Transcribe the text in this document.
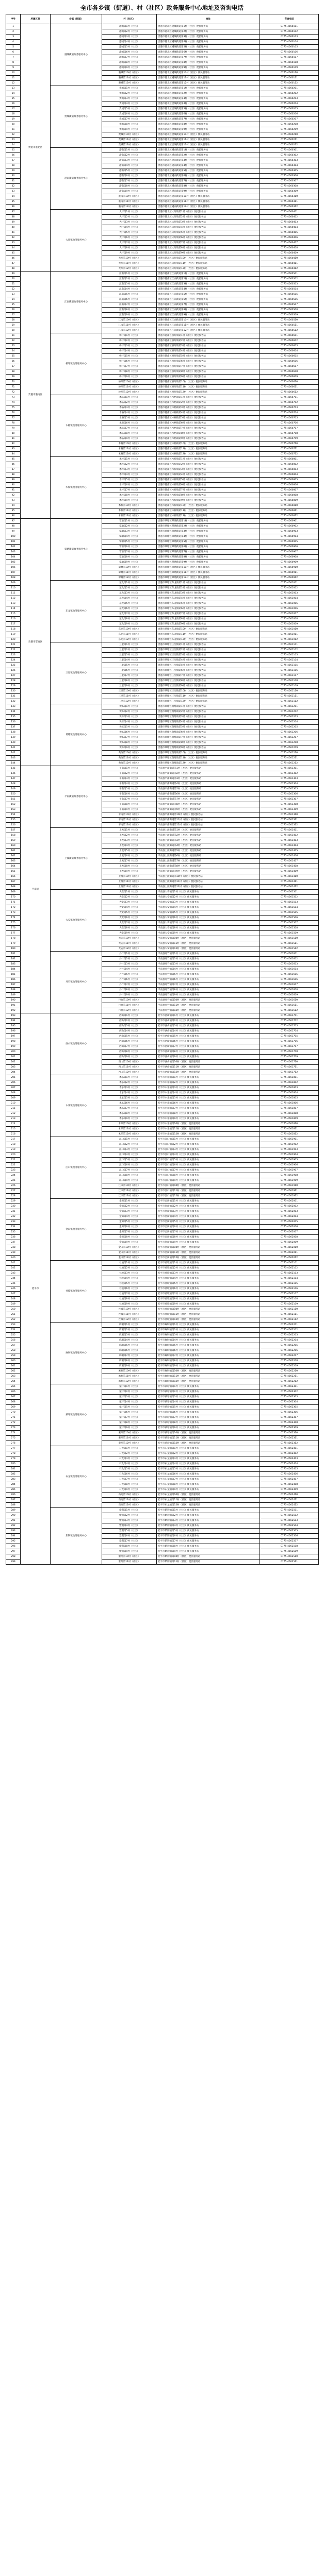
全市各乡镇（街道）、村（社区）政务服务中心地址及咨询电话
序号	所属区县	乡镇（街道）	村（社区）	地址	咨询电话
1	贵港市港北区	港城街道政务服务中心	港城第1村（社区）	贵港市港北区港城街道第1村（社区）便民服务站	0775-4560101
2			港城第2村（社区）	贵港市港北区港城街道第2村（社区）便民服务站	0775-4560102
3			港城第3村（社区）	贵港市港北区港城街道第3村（社区）便民服务站	0775-4560103
4			港城第4村（社区）	贵港市港北区港城街道第4村（社区）便民服务站	0775-4560104
5			港城第5村（社区）	贵港市港北区港城街道第5村（社区）便民服务站	0775-4560105
6			港城第6村（社区）	贵港市港北区港城街道第6村（社区）便民服务站	0775-4560106
7			港城第7村（社区）	贵港市港北区港城街道第7村（社区）便民服务站	0775-4560107
8			港城第8村（社区）	贵港市港北区港城街道第8村（社区）便民服务站	0775-4560108
9			港城第9村（社区）	贵港市港北区港城街道第9村（社区）便民服务站	0775-4560109
10			港城第10村（社区）	贵港市港北区港城街道第10村（社区）便民服务站	0775-4560110
11			港城第11村（社区）	贵港市港北区港城街道第11村（社区）便民服务站	0775-4560111
12			港城第12村（社区）	贵港市港北区港城街道第12村（社区）便民服务站	0775-4560112
13		贵城街道政务服务中心	贵城第1村（社区）	贵港市港北区贵城街道第1村（社区）便民服务站	0775-4560201
14			贵城第2村（社区）	贵港市港北区贵城街道第2村（社区）便民服务站	0775-4560202
15			贵城第3村（社区）	贵港市港北区贵城街道第3村（社区）便民服务站	0775-4560203
16			贵城第4村（社区）	贵港市港北区贵城街道第4村（社区）便民服务站	0775-4560204
17			贵城第5村（社区）	贵港市港北区贵城街道第5村（社区）便民服务站	0775-4560205
18			贵城第6村（社区）	贵港市港北区贵城街道第6村（社区）便民服务站	0775-4560206
19			贵城第7村（社区）	贵港市港北区贵城街道第7村（社区）便民服务站	0775-4560207
20			贵城第8村（社区）	贵港市港北区贵城街道第8村（社区）便民服务站	0775-4560208
21			贵城第9村（社区）	贵港市港北区贵城街道第9村（社区）便民服务站	0775-4560209
22			贵城第10村（社区）	贵港市港北区贵城街道第10村（社区）便民服务站	0775-4560210
23			贵城第11村（社区）	贵港市港北区贵城街道第11村（社区）便民服务站	0775-4560211
24			贵城第12村（社区）	贵港市港北区贵城街道第12村（社区）便民服务站	0775-4560212
25		港南街道政务服务中心	港南第1村（社区）	贵港市港北区港南街道第1村（社区）便民服务站	0775-4560301
26			港南第2村（社区）	贵港市港北区港南街道第2村（社区）便民服务站	0775-4560302
27			港南第3村（社区）	贵港市港北区港南街道第3村（社区）便民服务站	0775-4560303
28			港南第4村（社区）	贵港市港北区港南街道第4村（社区）便民服务站	0775-4560304
29			港南第5村（社区）	贵港市港北区港南街道第5村（社区）便民服务站	0775-4560305
30			港南第6村（社区）	贵港市港北区港南街道第6村（社区）便民服务站	0775-4560306
31			港南第7村（社区）	贵港市港北区港南街道第7村（社区）便民服务站	0775-4560307
32			港南第8村（社区）	贵港市港北区港南街道第8村（社区）便民服务站	0775-4560308
33			港南第9村（社区）	贵港市港北区港南街道第9村（社区）便民服务站	0775-4560309
34			港南第10村（社区）	贵港市港北区港南街道第10村（社区）便民服务站	0775-4560310
35			港南第11村（社区）	贵港市港北区港南街道第11村（社区）便民服务站	0775-4560311
36			港南第12村（社区）	贵港市港北区港南街道第12村（社区）便民服务站	0775-4560312
37		大圩镇政务服务中心	大圩第1村（社区）	贵港市港北区大圩镇第1村（社区）便民服务站	0775-4560401
38			大圩第2村（社区）	贵港市港北区大圩镇第2村（社区）便民服务站	0775-4560402
39			大圩第3村（社区）	贵港市港北区大圩镇第3村（社区）便民服务站	0775-4560403
40			大圩第4村（社区）	贵港市港北区大圩镇第4村（社区）便民服务站	0775-4560404
41			大圩第5村（社区）	贵港市港北区大圩镇第5村（社区）便民服务站	0775-4560405
42			大圩第6村（社区）	贵港市港北区大圩镇第6村（社区）便民服务站	0775-4560406
43			大圩第7村（社区）	贵港市港北区大圩镇第7村（社区）便民服务站	0775-4560407
44			大圩第8村（社区）	贵港市港北区大圩镇第8村（社区）便民服务站	0775-4560408
45			大圩第9村（社区）	贵港市港北区大圩镇第9村（社区）便民服务站	0775-4560409
46			大圩第10村（社区）	贵港市港北区大圩镇第10村（社区）便民服务站	0775-4560410
47			大圩第11村（社区）	贵港市港北区大圩镇第11村（社区）便民服务站	0775-4560411
48			大圩第12村（社区）	贵港市港北区大圩镇第12村（社区）便民服务站	0775-4560412
49	贵港市港南区	江南街道政务服务中心	江南第1村（社区）	贵港市港南区江南街道第1村（社区）便民服务站	0775-4560501
50			江南第2村（社区）	贵港市港南区江南街道第2村（社区）便民服务站	0775-4560502
51			江南第3村（社区）	贵港市港南区江南街道第3村（社区）便民服务站	0775-4560503
52			江南第4村（社区）	贵港市港南区江南街道第4村（社区）便民服务站	0775-4560504
53			江南第5村（社区）	贵港市港南区江南街道第5村（社区）便民服务站	0775-4560505
54			江南第6村（社区）	贵港市港南区江南街道第6村（社区）便民服务站	0775-4560506
55			江南第7村（社区）	贵港市港南区江南街道第7村（社区）便民服务站	0775-4560507
56			江南第8村（社区）	贵港市港南区江南街道第8村（社区）便民服务站	0775-4560508
57			江南第9村（社区）	贵港市港南区江南街道第9村（社区）便民服务站	0775-4560509
58			江南第10村（社区）	贵港市港南区江南街道第10村（社区）便民服务站	0775-4560510
59			江南第11村（社区）	贵港市港南区江南街道第11村（社区）便民服务站	0775-4560511
60			江南第12村（社区）	贵港市港南区江南街道第12村（社区）便民服务站	0775-4560512
61		桥圩镇政务服务中心	桥圩第1村（社区）	贵港市港南区桥圩镇第1村（社区）便民服务站	0775-4560601
62			桥圩第2村（社区）	贵港市港南区桥圩镇第2村（社区）便民服务站	0775-4560602
63			桥圩第3村（社区）	贵港市港南区桥圩镇第3村（社区）便民服务站	0775-4560603
64			桥圩第4村（社区）	贵港市港南区桥圩镇第4村（社区）便民服务站	0775-4560604
65			桥圩第5村（社区）	贵港市港南区桥圩镇第5村（社区）便民服务站	0775-4560605
66			桥圩第6村（社区）	贵港市港南区桥圩镇第6村（社区）便民服务站	0775-4560606
67			桥圩第7村（社区）	贵港市港南区桥圩镇第7村（社区）便民服务站	0775-4560607
68			桥圩第8村（社区）	贵港市港南区桥圩镇第8村（社区）便民服务站	0775-4560608
69			桥圩第9村（社区）	贵港市港南区桥圩镇第9村（社区）便民服务站	0775-4560609
70			桥圩第10村（社区）	贵港市港南区桥圩镇第10村（社区）便民服务站	0775-4560610
71			桥圩第11村（社区）	贵港市港南区桥圩镇第11村（社区）便民服务站	0775-4560611
72			桥圩第12村（社区）	贵港市港南区桥圩镇第12村（社区）便民服务站	0775-4560612
73		木格镇政务服务中心	木格第1村（社区）	贵港市港南区木格镇第1村（社区）便民服务站	0775-4560701
74			木格第2村（社区）	贵港市港南区木格镇第2村（社区）便民服务站	0775-4560702
75			木格第3村（社区）	贵港市港南区木格镇第3村（社区）便民服务站	0775-4560703
76			木格第4村（社区）	贵港市港南区木格镇第4村（社区）便民服务站	0775-4560704
77			木格第5村（社区）	贵港市港南区木格镇第5村（社区）便民服务站	0775-4560705
78			木格第6村（社区）	贵港市港南区木格镇第6村（社区）便民服务站	0775-4560706
79			木格第7村（社区）	贵港市港南区木格镇第7村（社区）便民服务站	0775-4560707
80			木格第8村（社区）	贵港市港南区木格镇第8村（社区）便民服务站	0775-4560708
81			木格第9村（社区）	贵港市港南区木格镇第9村（社区）便民服务站	0775-4560709
82			木格第10村（社区）	贵港市港南区木格镇第10村（社区）便民服务站	0775-4560710
83			木格第11村（社区）	贵港市港南区木格镇第11村（社区）便民服务站	0775-4560711
84			木格第12村（社区）	贵港市港南区木格镇第12村（社区）便民服务站	0775-4560712
85		木梓镇政务服务中心	木梓第1村（社区）	贵港市港南区木梓镇第1村（社区）便民服务站	0775-4560801
86			木梓第2村（社区）	贵港市港南区木梓镇第2村（社区）便民服务站	0775-4560802
87			木梓第3村（社区）	贵港市港南区木梓镇第3村（社区）便民服务站	0775-4560803
88			木梓第4村（社区）	贵港市港南区木梓镇第4村（社区）便民服务站	0775-4560804
89			木梓第5村（社区）	贵港市港南区木梓镇第5村（社区）便民服务站	0775-4560805
90			木梓第6村（社区）	贵港市港南区木梓镇第6村（社区）便民服务站	0775-4560806
91			木梓第7村（社区）	贵港市港南区木梓镇第7村（社区）便民服务站	0775-4560807
92			木梓第8村（社区）	贵港市港南区木梓镇第8村（社区）便民服务站	0775-4560808
93			木梓第9村（社区）	贵港市港南区木梓镇第9村（社区）便民服务站	0775-4560809
94			木梓第10村（社区）	贵港市港南区木梓镇第10村（社区）便民服务站	0775-4560810
95			木梓第11村（社区）	贵港市港南区木梓镇第11村（社区）便民服务站	0775-4560811
96			木梓第12村（社区）	贵港市港南区木梓镇第12村（社区）便民服务站	0775-4560812
97	贵港市覃塘区	覃塘街道政务服务中心	覃塘第1村（社区）	贵港市覃塘区覃塘街道第1村（社区）便民服务站	0775-4560901
98			覃塘第2村（社区）	贵港市覃塘区覃塘街道第2村（社区）便民服务站	0775-4560902
99			覃塘第3村（社区）	贵港市覃塘区覃塘街道第3村（社区）便民服务站	0775-4560903
100			覃塘第4村（社区）	贵港市覃塘区覃塘街道第4村（社区）便民服务站	0775-4560904
101			覃塘第5村（社区）	贵港市覃塘区覃塘街道第5村（社区）便民服务站	0775-4560905
102			覃塘第6村（社区）	贵港市覃塘区覃塘街道第6村（社区）便民服务站	0775-4560906
103			覃塘第7村（社区）	贵港市覃塘区覃塘街道第7村（社区）便民服务站	0775-4560907
104			覃塘第8村（社区）	贵港市覃塘区覃塘街道第8村（社区）便民服务站	0775-4560908
105			覃塘第9村（社区）	贵港市覃塘区覃塘街道第9村（社区）便民服务站	0775-4560909
106			覃塘第10村（社区）	贵港市覃塘区覃塘街道第10村（社区）便民服务站	0775-4560910
107			覃塘第11村（社区）	贵港市覃塘区覃塘街道第11村（社区）便民服务站	0775-4560911
108			覃塘第12村（社区）	贵港市覃塘区覃塘街道第12村（社区）便民服务站	0775-4560912
109		东龙镇政务服务中心	东龙第1村（社区）	贵港市覃塘区东龙镇第1村（社区）便民服务站	0775-4561001
110			东龙第2村（社区）	贵港市覃塘区东龙镇第2村（社区）便民服务站	0775-4561002
111			东龙第3村（社区）	贵港市覃塘区东龙镇第3村（社区）便民服务站	0775-4561003
112			东龙第4村（社区）	贵港市覃塘区东龙镇第4村（社区）便民服务站	0775-4561004
113			东龙第5村（社区）	贵港市覃塘区东龙镇第5村（社区）便民服务站	0775-4561005
114			东龙第6村（社区）	贵港市覃塘区东龙镇第6村（社区）便民服务站	0775-4561006
115			东龙第7村（社区）	贵港市覃塘区东龙镇第7村（社区）便民服务站	0775-4561007
116			东龙第8村（社区）	贵港市覃塘区东龙镇第8村（社区）便民服务站	0775-4561008
117			东龙第9村（社区）	贵港市覃塘区东龙镇第9村（社区）便民服务站	0775-4561009
118			东龙第10村（社区）	贵港市覃塘区东龙镇第10村（社区）便民服务站	0775-4561010
119			东龙第11村（社区）	贵港市覃塘区东龙镇第11村（社区）便民服务站	0775-4561011
120			东龙第12村（社区）	贵港市覃塘区东龙镇第12村（社区）便民服务站	0775-4561012
121		三里镇政务服务中心	三里第1村（社区）	贵港市覃塘区三里镇第1村（社区）便民服务站	0775-4561101
122			三里第2村（社区）	贵港市覃塘区三里镇第2村（社区）便民服务站	0775-4561102
123			三里第3村（社区）	贵港市覃塘区三里镇第3村（社区）便民服务站	0775-4561103
124			三里第4村（社区）	贵港市覃塘区三里镇第4村（社区）便民服务站	0775-4561104
125			三里第5村（社区）	贵港市覃塘区三里镇第5村（社区）便民服务站	0775-4561105
126			三里第6村（社区）	贵港市覃塘区三里镇第6村（社区）便民服务站	0775-4561106
127			三里第7村（社区）	贵港市覃塘区三里镇第7村（社区）便民服务站	0775-4561107
128			三里第8村（社区）	贵港市覃塘区三里镇第8村（社区）便民服务站	0775-4561108
129			三里第9村（社区）	贵港市覃塘区三里镇第9村（社区）便民服务站	0775-4561109
130			三里第10村（社区）	贵港市覃塘区三里镇第10村（社区）便民服务站	0775-4561110
131			三里第11村（社区）	贵港市覃塘区三里镇第11村（社区）便民服务站	0775-4561111
132			三里第12村（社区）	贵港市覃塘区三里镇第12村（社区）便民服务站	0775-4561112
133		黄练镇政务服务中心	黄练第1村（社区）	贵港市覃塘区黄练镇第1村（社区）便民服务站	0775-4561201
134			黄练第2村（社区）	贵港市覃塘区黄练镇第2村（社区）便民服务站	0775-4561202
135			黄练第3村（社区）	贵港市覃塘区黄练镇第3村（社区）便民服务站	0775-4561203
136			黄练第4村（社区）	贵港市覃塘区黄练镇第4村（社区）便民服务站	0775-4561204
137			黄练第5村（社区）	贵港市覃塘区黄练镇第5村（社区）便民服务站	0775-4561205
138			黄练第6村（社区）	贵港市覃塘区黄练镇第6村（社区）便民服务站	0775-4561206
139			黄练第7村（社区）	贵港市覃塘区黄练镇第7村（社区）便民服务站	0775-4561207
140			黄练第8村（社区）	贵港市覃塘区黄练镇第8村（社区）便民服务站	0775-4561208
141			黄练第9村（社区）	贵港市覃塘区黄练镇第9村（社区）便民服务站	0775-4561209
142			黄练第10村（社区）	贵港市覃塘区黄练镇第10村（社区）便民服务站	0775-4561210
143			黄练第11村（社区）	贵港市覃塘区黄练镇第11村（社区）便民服务站	0775-4561211
144			黄练第12村（社区）	贵港市覃塘区黄练镇第12村（社区）便民服务站	0775-4561212
145	平南县	平南街道政务服务中心	平南第1村（社区）	平南县平南街道第1村（社区）便民服务站	0775-4561301
146			平南第2村（社区）	平南县平南街道第2村（社区）便民服务站	0775-4561302
147			平南第3村（社区）	平南县平南街道第3村（社区）便民服务站	0775-4561303
148			平南第4村（社区）	平南县平南街道第4村（社区）便民服务站	0775-4561304
149			平南第5村（社区）	平南县平南街道第5村（社区）便民服务站	0775-4561305
150			平南第6村（社区）	平南县平南街道第6村（社区）便民服务站	0775-4561306
151			平南第7村（社区）	平南县平南街道第7村（社区）便民服务站	0775-4561307
152			平南第8村（社区）	平南县平南街道第8村（社区）便民服务站	0775-4561308
153			平南第9村（社区）	平南县平南街道第9村（社区）便民服务站	0775-4561309
154			平南第10村（社区）	平南县平南街道第10村（社区）便民服务站	0775-4561310
155			平南第11村（社区）	平南县平南街道第11村（社区）便民服务站	0775-4561311
156			平南第12村（社区）	平南县平南街道第12村（社区）便民服务站	0775-4561312
157		上渡街道政务服务中心	上渡第1村（社区）	平南县上渡街道第1村（社区）便民服务站	0775-4561401
158			上渡第2村（社区）	平南县上渡街道第2村（社区）便民服务站	0775-4561402
159			上渡第3村（社区）	平南县上渡街道第3村（社区）便民服务站	0775-4561403
160			上渡第4村（社区）	平南县上渡街道第4村（社区）便民服务站	0775-4561404
161			上渡第5村（社区）	平南县上渡街道第5村（社区）便民服务站	0775-4561405
162			上渡第6村（社区）	平南县上渡街道第6村（社区）便民服务站	0775-4561406
163			上渡第7村（社区）	平南县上渡街道第7村（社区）便民服务站	0775-4561407
164			上渡第8村（社区）	平南县上渡街道第8村（社区）便民服务站	0775-4561408
165			上渡第9村（社区）	平南县上渡街道第9村（社区）便民服务站	0775-4561409
166			上渡第10村（社区）	平南县上渡街道第10村（社区）便民服务站	0775-4561410
167			上渡第11村（社区）	平南县上渡街道第11村（社区）便民服务站	0775-4561411
168			上渡第12村（社区）	平南县上渡街道第12村（社区）便民服务站	0775-4561412
169		大安镇政务服务中心	大安第1村（社区）	平南县大安镇第1村（社区）便民服务站	0775-4561501
170			大安第2村（社区）	平南县大安镇第2村（社区）便民服务站	0775-4561502
171			大安第3村（社区）	平南县大安镇第3村（社区）便民服务站	0775-4561503
172			大安第4村（社区）	平南县大安镇第4村（社区）便民服务站	0775-4561504
173			大安第5村（社区）	平南县大安镇第5村（社区）便民服务站	0775-4561505
174			大安第6村（社区）	平南县大安镇第6村（社区）便民服务站	0775-4561506
175			大安第7村（社区）	平南县大安镇第7村（社区）便民服务站	0775-4561507
176			大安第8村（社区）	平南县大安镇第8村（社区）便民服务站	0775-4561508
177			大安第9村（社区）	平南县大安镇第9村（社区）便民服务站	0775-4561509
178			大安第10村（社区）	平南县大安镇第10村（社区）便民服务站	0775-4561510
179			大安第11村（社区）	平南县大安镇第11村（社区）便民服务站	0775-4561511
180			大安第12村（社区）	平南县大安镇第12村（社区）便民服务站	0775-4561512
181		丹竹镇政务服务中心	丹竹第1村（社区）	平南县丹竹镇第1村（社区）便民服务站	0775-4561601
182			丹竹第2村（社区）	平南县丹竹镇第2村（社区）便民服务站	0775-4561602
183			丹竹第3村（社区）	平南县丹竹镇第3村（社区）便民服务站	0775-4561603
184			丹竹第4村（社区）	平南县丹竹镇第4村（社区）便民服务站	0775-4561604
185			丹竹第5村（社区）	平南县丹竹镇第5村（社区）便民服务站	0775-4561605
186			丹竹第6村（社区）	平南县丹竹镇第6村（社区）便民服务站	0775-4561606
187			丹竹第7村（社区）	平南县丹竹镇第7村（社区）便民服务站	0775-4561607
188			丹竹第8村（社区）	平南县丹竹镇第8村（社区）便民服务站	0775-4561608
189			丹竹第9村（社区）	平南县丹竹镇第9村（社区）便民服务站	0775-4561609
190			丹竹第10村（社区）	平南县丹竹镇第10村（社区）便民服务站	0775-4561610
191			丹竹第11村（社区）	平南县丹竹镇第11村（社区）便民服务站	0775-4561611
192			丹竹第12村（社区）	平南县丹竹镇第12村（社区）便民服务站	0775-4561612
193	桂平市	西山镇政务服务中心	西山第1村（社区）	桂平市西山镇第1村（社区）便民服务站	0775-4561701
194			西山第2村（社区）	桂平市西山镇第2村（社区）便民服务站	0775-4561702
195			西山第3村（社区）	桂平市西山镇第3村（社区）便民服务站	0775-4561703
196			西山第4村（社区）	桂平市西山镇第4村（社区）便民服务站	0775-4561704
197			西山第5村（社区）	桂平市西山镇第5村（社区）便民服务站	0775-4561705
198			西山第6村（社区）	桂平市西山镇第6村（社区）便民服务站	0775-4561706
199			西山第7村（社区）	桂平市西山镇第7村（社区）便民服务站	0775-4561707
200			西山第8村（社区）	桂平市西山镇第8村（社区）便民服务站	0775-4561708
201			西山第9村（社区）	桂平市西山镇第9村（社区）便民服务站	0775-4561709
202			西山第10村（社区）	桂平市西山镇第10村（社区）便民服务站	0775-4561710
203			西山第11村（社区）	桂平市西山镇第11村（社区）便民服务站	0775-4561711
204			西山第12村（社区）	桂平市西山镇第12村（社区）便民服务站	0775-4561712
205		木乐镇政务服务中心	木乐第1村（社区）	桂平市木乐镇第1村（社区）便民服务站	0775-4561801
206			木乐第2村（社区）	桂平市木乐镇第2村（社区）便民服务站	0775-4561802
207			木乐第3村（社区）	桂平市木乐镇第3村（社区）便民服务站	0775-4561803
208			木乐第4村（社区）	桂平市木乐镇第4村（社区）便民服务站	0775-4561804
209			木乐第5村（社区）	桂平市木乐镇第5村（社区）便民服务站	0775-4561805
210			木乐第6村（社区）	桂平市木乐镇第6村（社区）便民服务站	0775-4561806
211			木乐第7村（社区）	桂平市木乐镇第7村（社区）便民服务站	0775-4561807
212			木乐第8村（社区）	桂平市木乐镇第8村（社区）便民服务站	0775-4561808
213			木乐第9村（社区）	桂平市木乐镇第9村（社区）便民服务站	0775-4561809
214			木乐第10村（社区）	桂平市木乐镇第10村（社区）便民服务站	0775-4561810
215			木乐第11村（社区）	桂平市木乐镇第11村（社区）便民服务站	0775-4561811
216			木乐第12村（社区）	桂平市木乐镇第12村（社区）便民服务站	0775-4561812
217		江口镇政务服务中心	江口第1村（社区）	桂平市江口镇第1村（社区）便民服务站	0775-4561901
218			江口第2村（社区）	桂平市江口镇第2村（社区）便民服务站	0775-4561902
219			江口第3村（社区）	桂平市江口镇第3村（社区）便民服务站	0775-4561903
220			江口第4村（社区）	桂平市江口镇第4村（社区）便民服务站	0775-4561904
221			江口第5村（社区）	桂平市江口镇第5村（社区）便民服务站	0775-4561905
222			江口第6村（社区）	桂平市江口镇第6村（社区）便民服务站	0775-4561906
223			江口第7村（社区）	桂平市江口镇第7村（社区）便民服务站	0775-4561907
224			江口第8村（社区）	桂平市江口镇第8村（社区）便民服务站	0775-4561908
225			江口第9村（社区）	桂平市江口镇第9村（社区）便民服务站	0775-4561909
226			江口第10村（社区）	桂平市江口镇第10村（社区）便民服务站	0775-4561910
227			江口第11村（社区）	桂平市江口镇第11村（社区）便民服务站	0775-4561911
228			江口第12村（社区）	桂平市江口镇第12村（社区）便民服务站	0775-4561912
229		金田镇政务服务中心	金田第1村（社区）	桂平市金田镇第1村（社区）便民服务站	0775-4562001
230			金田第2村（社区）	桂平市金田镇第2村（社区）便民服务站	0775-4562002
231			金田第3村（社区）	桂平市金田镇第3村（社区）便民服务站	0775-4562003
232			金田第4村（社区）	桂平市金田镇第4村（社区）便民服务站	0775-4562004
233			金田第5村（社区）	桂平市金田镇第5村（社区）便民服务站	0775-4562005
234			金田第6村（社区）	桂平市金田镇第6村（社区）便民服务站	0775-4562006
235			金田第7村（社区）	桂平市金田镇第7村（社区）便民服务站	0775-4562007
236			金田第8村（社区）	桂平市金田镇第8村（社区）便民服务站	0775-4562008
237			金田第9村（社区）	桂平市金田镇第9村（社区）便民服务站	0775-4562009
238			金田第10村（社区）	桂平市金田镇第10村（社区）便民服务站	0775-4562010
239			金田第11村（社区）	桂平市金田镇第11村（社区）便民服务站	0775-4562011
240			金田第12村（社区）	桂平市金田镇第12村（社区）便民服务站	0775-4562012
241		社坡镇政务服务中心	社坡第1村（社区）	桂平市社坡镇第1村（社区）便民服务站	0775-4562101
242			社坡第2村（社区）	桂平市社坡镇第2村（社区）便民服务站	0775-4562102
243			社坡第3村（社区）	桂平市社坡镇第3村（社区）便民服务站	0775-4562103
244			社坡第4村（社区）	桂平市社坡镇第4村（社区）便民服务站	0775-4562104
245			社坡第5村（社区）	桂平市社坡镇第5村（社区）便民服务站	0775-4562105
246			社坡第6村（社区）	桂平市社坡镇第6村（社区）便民服务站	0775-4562106
247			社坡第7村（社区）	桂平市社坡镇第7村（社区）便民服务站	0775-4562107
248			社坡第8村（社区）	桂平市社坡镇第8村（社区）便民服务站	0775-4562108
249			社坡第9村（社区）	桂平市社坡镇第9村（社区）便民服务站	0775-4562109
250			社坡第10村（社区）	桂平市社坡镇第10村（社区）便民服务站	0775-4562110
251			社坡第11村（社区）	桂平市社坡镇第11村（社区）便民服务站	0775-4562111
252			社坡第12村（社区）	桂平市社坡镇第12村（社区）便民服务站	0775-4562112
253		麻垌镇政务服务中心	麻垌第1村（社区）	桂平市麻垌镇第1村（社区）便民服务站	0775-4562201
254			麻垌第2村（社区）	桂平市麻垌镇第2村（社区）便民服务站	0775-4562202
255			麻垌第3村（社区）	桂平市麻垌镇第3村（社区）便民服务站	0775-4562203
256			麻垌第4村（社区）	桂平市麻垌镇第4村（社区）便民服务站	0775-4562204
257			麻垌第5村（社区）	桂平市麻垌镇第5村（社区）便民服务站	0775-4562205
258			麻垌第6村（社区）	桂平市麻垌镇第6村（社区）便民服务站	0775-4562206
259			麻垌第7村（社区）	桂平市麻垌镇第7村（社区）便民服务站	0775-4562207
260			麻垌第8村（社区）	桂平市麻垌镇第8村（社区）便民服务站	0775-4562208
261			麻垌第9村（社区）	桂平市麻垌镇第9村（社区）便民服务站	0775-4562209
262			麻垌第10村（社区）	桂平市麻垌镇第10村（社区）便民服务站	0775-4562210
263			麻垌第11村（社区）	桂平市麻垌镇第11村（社区）便民服务站	0775-4562211
264			麻垌第12村（社区）	桂平市麻垌镇第12村（社区）便民服务站	0775-4562212
265		蒙圩镇政务服务中心	蒙圩第1村（社区）	桂平市蒙圩镇第1村（社区）便民服务站	0775-4562301
266			蒙圩第2村（社区）	桂平市蒙圩镇第2村（社区）便民服务站	0775-4562302
267			蒙圩第3村（社区）	桂平市蒙圩镇第3村（社区）便民服务站	0775-4562303
268			蒙圩第4村（社区）	桂平市蒙圩镇第4村（社区）便民服务站	0775-4562304
269			蒙圩第5村（社区）	桂平市蒙圩镇第5村（社区）便民服务站	0775-4562305
270			蒙圩第6村（社区）	桂平市蒙圩镇第6村（社区）便民服务站	0775-4562306
271			蒙圩第7村（社区）	桂平市蒙圩镇第7村（社区）便民服务站	0775-4562307
272			蒙圩第8村（社区）	桂平市蒙圩镇第8村（社区）便民服务站	0775-4562308
273			蒙圩第9村（社区）	桂平市蒙圩镇第9村（社区）便民服务站	0775-4562309
274			蒙圩第10村（社区）	桂平市蒙圩镇第10村（社区）便民服务站	0775-4562310
275			蒙圩第11村（社区）	桂平市蒙圩镇第11村（社区）便民服务站	0775-4562311
276			蒙圩第12村（社区）	桂平市蒙圩镇第12村（社区）便民服务站	0775-4562312
277		石龙镇政务服务中心	石龙第1村（社区）	桂平市石龙镇第1村（社区）便民服务站	0775-4562401
278			石龙第2村（社区）	桂平市石龙镇第2村（社区）便民服务站	0775-4562402
279			石龙第3村（社区）	桂平市石龙镇第3村（社区）便民服务站	0775-4562403
280			石龙第4村（社区）	桂平市石龙镇第4村（社区）便民服务站	0775-4562404
281			石龙第5村（社区）	桂平市石龙镇第5村（社区）便民服务站	0775-4562405
282			石龙第6村（社区）	桂平市石龙镇第6村（社区）便民服务站	0775-4562406
283			石龙第7村（社区）	桂平市石龙镇第7村（社区）便民服务站	0775-4562407
284			石龙第8村（社区）	桂平市石龙镇第8村（社区）便民服务站	0775-4562408
285			石龙第9村（社区）	桂平市石龙镇第9村（社区）便民服务站	0775-4562409
286			石龙第10村（社区）	桂平市石龙镇第10村（社区）便民服务站	0775-4562410
287			石龙第11村（社区）	桂平市石龙镇第11村（社区）便民服务站	0775-4562411
288			石龙第12村（社区）	桂平市石龙镇第12村（社区）便民服务站	0775-4562412
289		紫荆镇政务服务中心	紫荆第1村（社区）	桂平市紫荆镇第1村（社区）便民服务站	0775-4562501
290			紫荆第2村（社区）	桂平市紫荆镇第2村（社区）便民服务站	0775-4562502
291			紫荆第3村（社区）	桂平市紫荆镇第3村（社区）便民服务站	0775-4562503
292			紫荆第4村（社区）	桂平市紫荆镇第4村（社区）便民服务站	0775-4562504
293			紫荆第5村（社区）	桂平市紫荆镇第5村（社区）便民服务站	0775-4562505
294			紫荆第6村（社区）	桂平市紫荆镇第6村（社区）便民服务站	0775-4562506
295			紫荆第7村（社区）	桂平市紫荆镇第7村（社区）便民服务站	0775-4562507
296			紫荆第8村（社区）	桂平市紫荆镇第8村（社区）便民服务站	0775-4562508
297			紫荆第9村（社区）	桂平市紫荆镇第9村（社区）便民服务站	0775-4562509
298			紫荆第10村（社区）	桂平市紫荆镇第10村（社区）便民服务站	0775-4562510
299			紫荆第11村（社区）	桂平市紫荆镇第11村（社区）便民服务站	0775-4562511
